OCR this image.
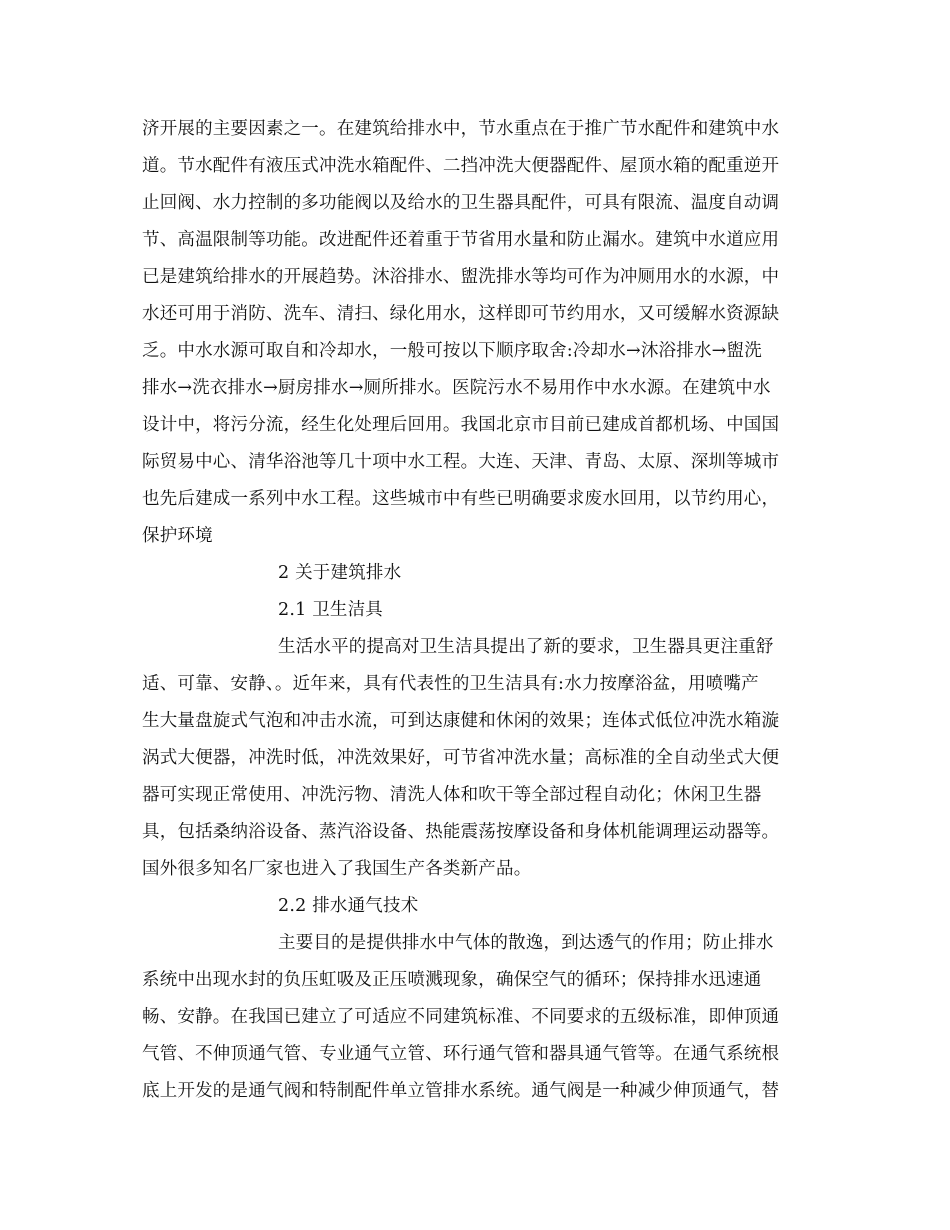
济开展的主要因素之一。在建筑给排水中，节水重点在于推广节水配件和建筑中水
道。节水配件有液压式冲洗水箱配件、二挡冲洗大便器配件、屋顶水箱的配重逆开
止回阀、水力控制的多功能阀以及给水的卫生器具配件，可具有限流、温度自动调
节、高温限制等功能。改进配件还着重于节省用水量和防止漏水。建筑中水道应用
已是建筑给排水的开展趋势。沐浴排水、盥洗排水等均可作为冲厕用水的水源，中
水还可用于消防、洗车、清扫、绿化用水，这样即可节约用水，又可缓解水资源缺
乏。中水水源可取自和冷却水，一般可按以下顺序取舍:冷却水→沐浴排水→盥洗
排水→洗衣排水→厨房排水→厕所排水。医院污水不易用作中水水源。在建筑中水
设计中，将污分流，经生化处理后回用。我国北京市目前已建成首都机场、中国国
际贸易中心、清华浴池等几十项中水工程。大连、天津、青岛、太原、深圳等城市
也先后建成一系列中水工程。这些城市中有些已明确要求废水回用，以节约用心，
保护环境
2 关于建筑排水
2.1 卫生洁具
生活水平的提高对卫生洁具提出了新的要求，卫生器具更注重舒
适、可靠、安静、。近年来，具有代表性的卫生洁具有:水力按摩浴盆，用喷嘴产
生大量盘旋式气泡和冲击水流，可到达康健和休闲的效果；连体式低位冲洗水箱漩
涡式大便器，冲洗时低，冲洗效果好，可节省冲洗水量；高标准的全自动坐式大便
器可实现正常使用、冲洗污物、清洗人体和吹干等全部过程自动化；休闲卫生器
具，包括桑纳浴设备、蒸汽浴设备、热能震荡按摩设备和身体机能调理运动器等。
国外很多知名厂家也进入了我国生产各类新产品。
2.2 排水通气技术
主要目的是提供排水中气体的散逸，到达透气的作用；防止排水
系统中出现水封的负压虹吸及正压喷溅现象，确保空气的循环；保持排水迅速通
畅、安静。在我国已建立了可适应不同建筑标准、不同要求的五级标准，即伸顶通
气管、不伸顶通气管、专业通气立管、环行通气管和器具通气管等。在通气系统根
底上开发的是通气阀和特制配件单立管排水系统。通气阀是一种减少伸顶通气，替
